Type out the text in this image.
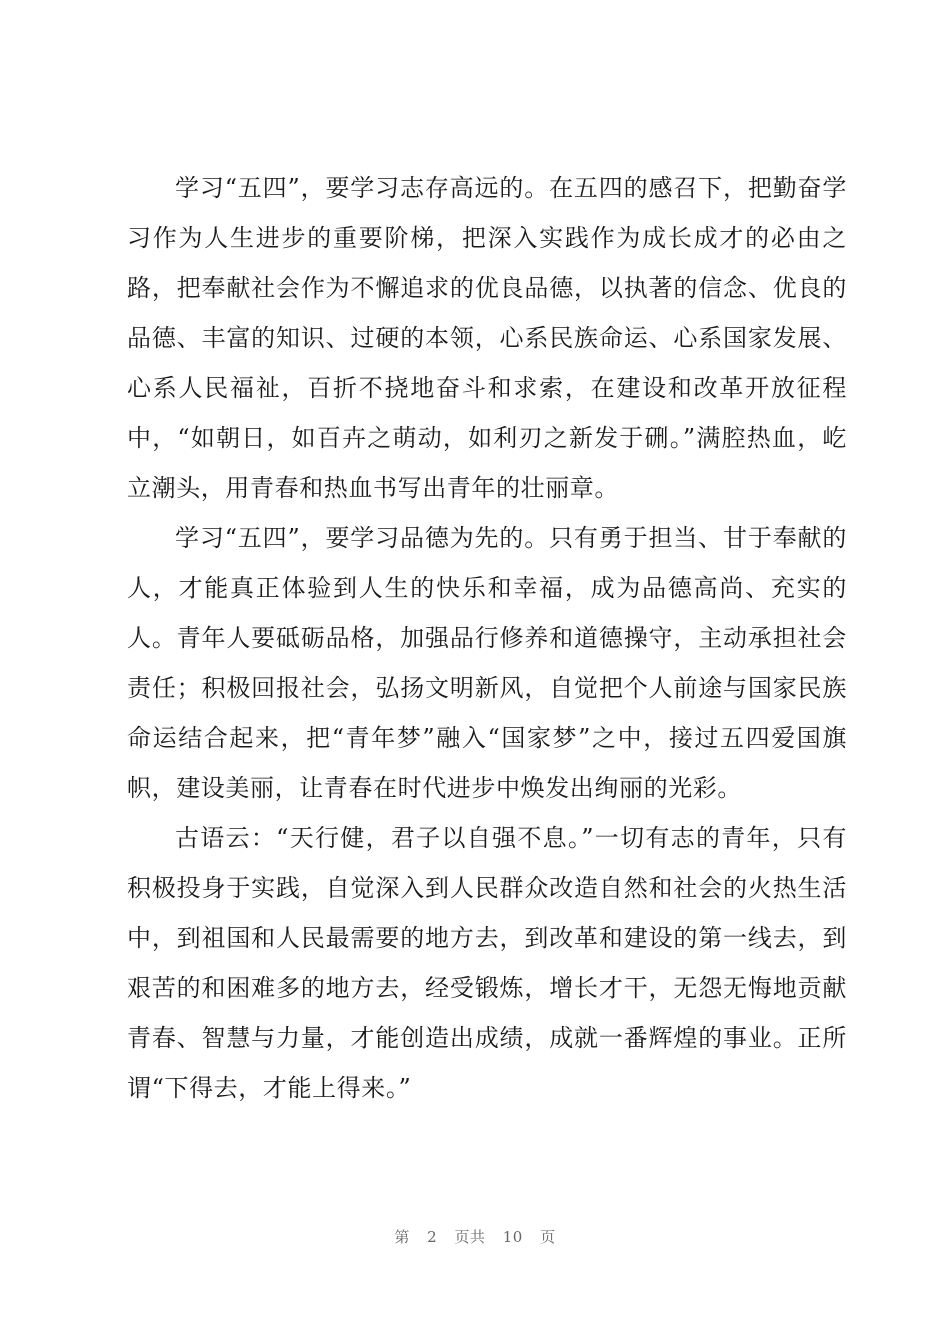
学习“五四”，要学习志存高远的。在五四的感召下，把勤奋学习作为人生进步的重要阶梯，把深入实践作为成长成才的必由之路，把奉献社会作为不懈追求的优良品德，以执著的信念、优良的品德、丰富的知识、过硬的本领，心系民族命运、心系国家发展、心系人民福祉，百折不挠地奋斗和求索，在建设和改革开放征程中，“如朝日，如百卉之萌动，如利刃之新发于硎。”满腔热血，屹立潮头，用青春和热血书写出青年的壮丽章。

学习“五四”，要学习品德为先的。只有勇于担当、甘于奉献的人，才能真正体验到人生的快乐和幸福，成为品德高尚、充实的人。青年人要砥砺品格，加强品行修养和道德操守，主动承担社会责任；积极回报社会，弘扬文明新风，自觉把个人前途与国家民族命运结合起来，把“青年梦”融入“国家梦”之中，接过五四爱国旗帜，建设美丽，让青春在时代进步中焕发出绚丽的光彩。

古语云：“天行健，君子以自强不息。”一切有志的青年，只有积极投身于实践，自觉深入到人民群众改造自然和社会的火热生活中，到祖国和人民最需要的地方去，到改革和建设的第一线去，到艰苦的和困难多的地方去，经受锻炼，增长才干，无怨无悔地贡献青春、智慧与力量，才能创造出成绩，成就一番辉煌的事业。正所谓“下得去，才能上得来。”

第 2 页共 10 页
